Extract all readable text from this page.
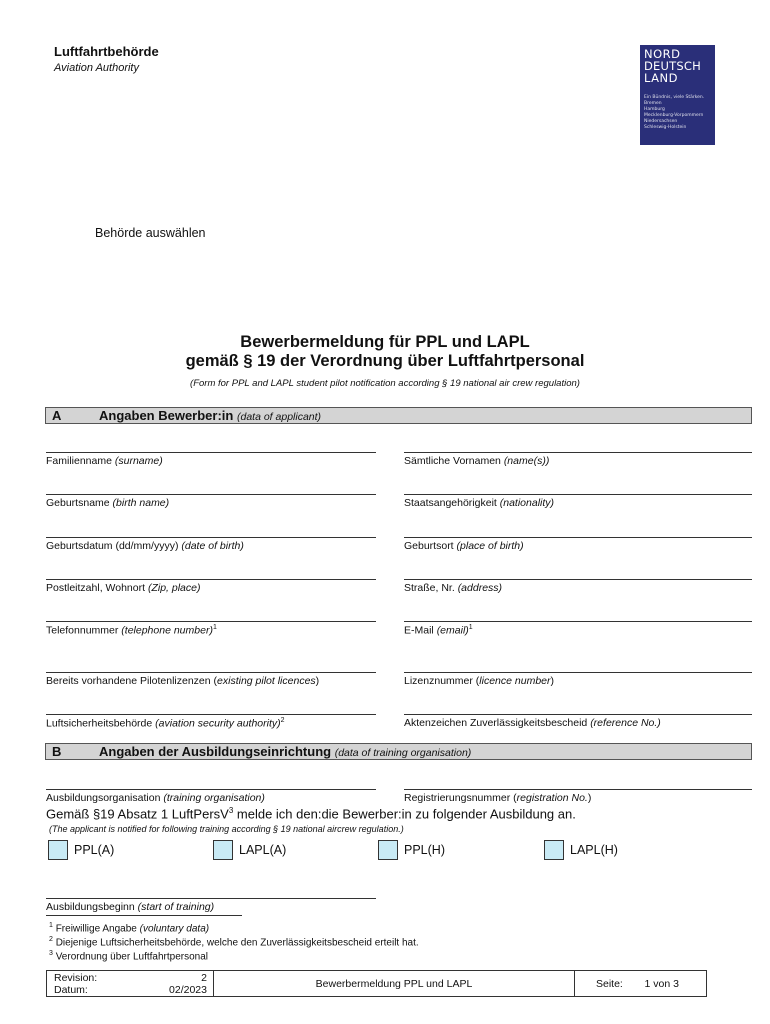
Luftfahrtbehörde
Aviation Authority
NORD
DEUTSCH
LAND
Ein Bündnis, viele Stärken.
Bremen
Hamburg
Mecklenburg-Vorpommern
Niedersachsen
Schleswig-Holstein
Behörde auswählen
Bewerbermeldung für PPL und LAPL
gemäß § 19 der Verordnung über Luftfahrtpersonal
(Form for PPL and LAPL student pilot notification according § 19 national air crew regulation)
A	Angaben Bewerber:in (data of applicant)
Familienname (surname)	Sämtliche Vornamen (name(s))
Geburtsname (birth name)	Staatsangehörigkeit (nationality)
Geburtsdatum (dd/mm/yyyy) (date of birth)	Geburtsort (place of birth)
Postleitzahl, Wohnort (Zip, place)	Straße, Nr. (address)
Telefonnummer (telephone number)$^1$	E-Mail (email)$^1$
Bereits vorhandene Pilotenlizenzen (existing pilot licences)	Lizenznummer (licence number)
Luftsicherheitsbehörde (aviation security authority)$^2$	Aktenzeichen Zuverlässigkeitsbescheid (reference No.)
B	Angaben der Ausbildungseinrichtung (data of training organisation)
Ausbildungsorganisation (training organisation)	Registrierungsnummer (registration No.)
Gemäß §19 Absatz 1 LuftPersV$^3$ melde ich den:die Bewerber:in zu folgender Ausbildung an.
(The applicant is notified for following training according § 19 national aircrew regulation.)
PPL(A)	LAPL(A)	PPL(H)	LAPL(H)
Ausbildungsbeginn (start of training)
$^1$ Freiwillige Angabe (voluntary data)
$^2$ Diejenige Luftsicherheitsbehörde, welche den Zuverlässigkeitsbescheid erteilt hat.
$^3$ Verordnung über Luftfahrtpersonal
Revision:	2
Datum:	02/2023	Bewerbermeldung PPL und LAPL	Seite: 1 von 3
